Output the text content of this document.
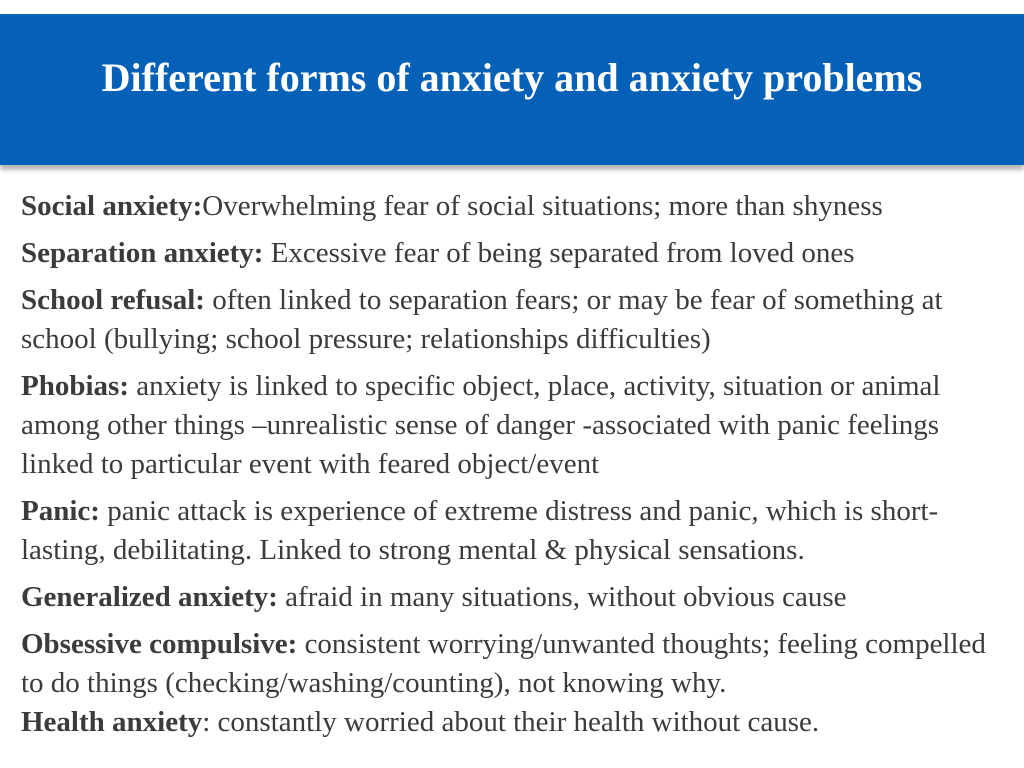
Different forms of anxiety and anxiety problems

Social anxiety:Overwhelming fear of social situations; more than shyness

Separation anxiety: Excessive fear of being separated from loved ones

School refusal: often linked to separation fears; or may be fear of something at school (bullying; school pressure; relationships difficulties)

Phobias: anxiety is linked to specific object, place, activity, situation or animal among other things –unrealistic sense of danger -associated with panic feelings linked to particular event with feared object/event

Panic: panic attack is experience of extreme distress and panic, which is short-lasting, debilitating. Linked to strong mental & physical sensations.

Generalized anxiety: afraid in many situations, without obvious cause

Obsessive compulsive: consistent worrying/unwanted thoughts; feeling compelled to do things (checking/washing/counting), not knowing why.

Health anxiety: constantly worried about their health without cause.
